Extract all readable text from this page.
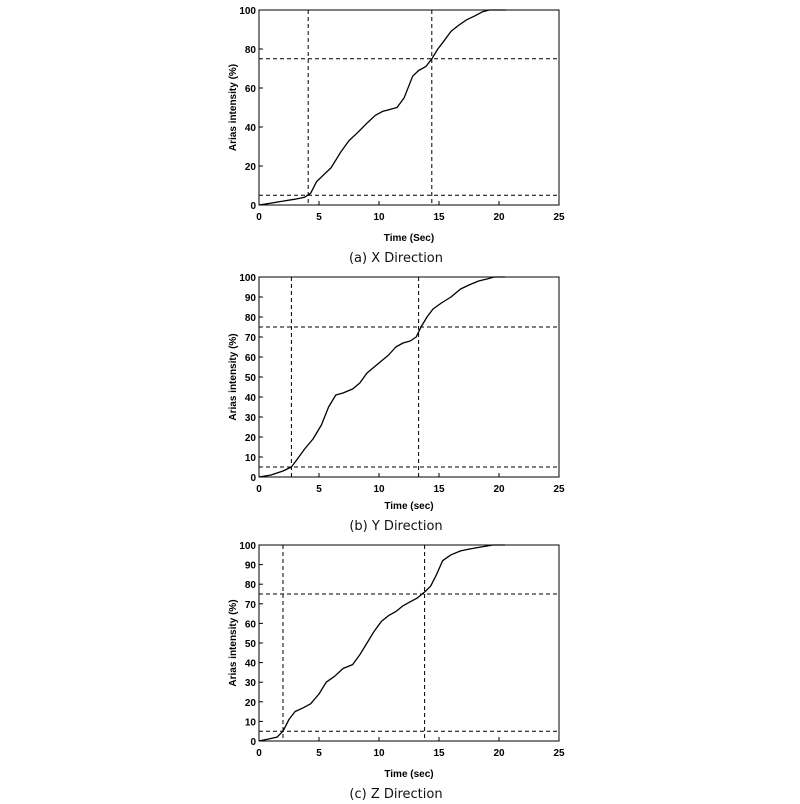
0	5	10	15	20	25
0
20
40
60
80
100
Time (Sec)
Arias intensity (%)
(a) X Direction
0	5	10	15	20	25
0
10
20
30
40
50
60
70
80
90
100
Time (sec)
Arias intensity (%)
(b) Y Direction
0	5	10	15	20	25
0
10
20
30
40
50
60
70
80
90
100
Time (sec)
Arias intensity (%)
(c) Z Direction
